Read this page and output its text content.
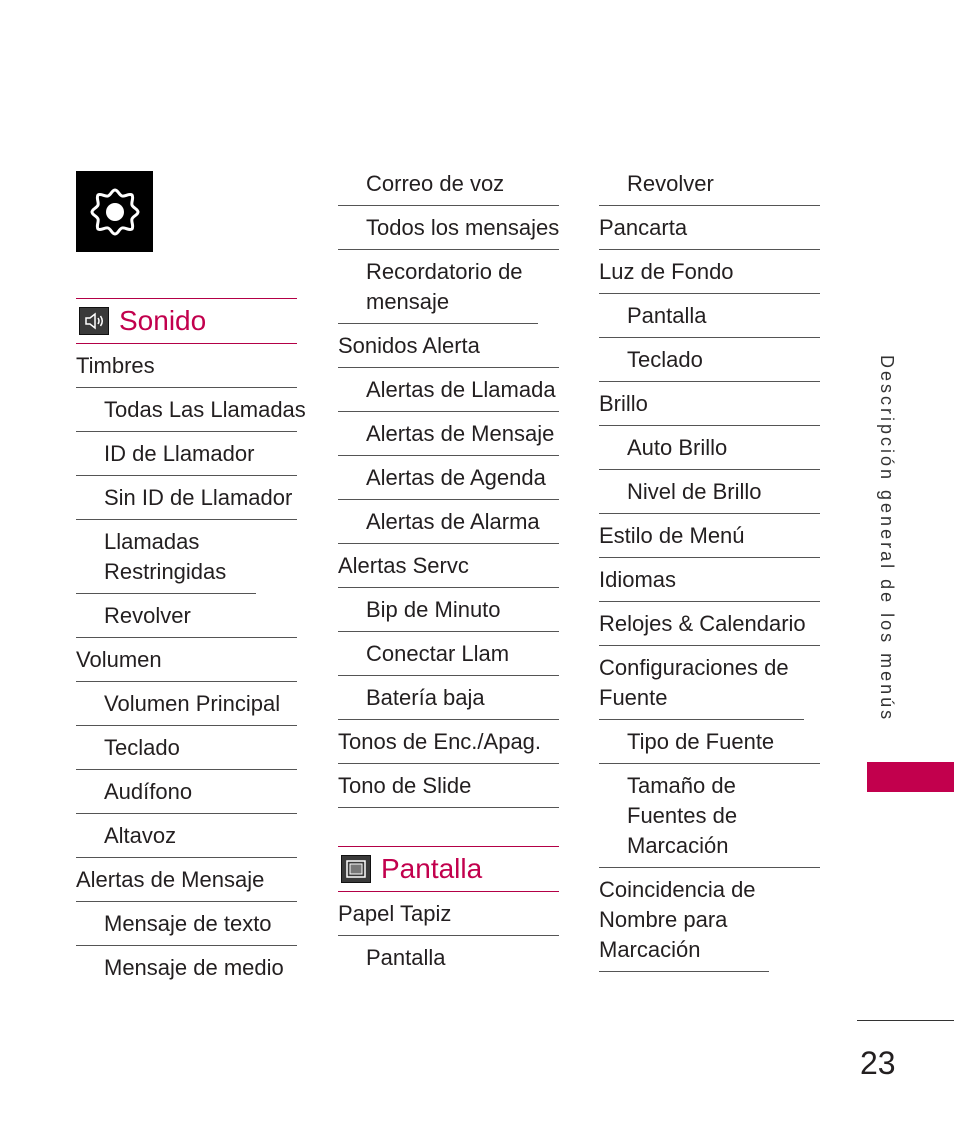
Sonido
Timbres
Todas Las Llamadas
ID de Llamador
Sin ID de Llamador
Llamadas Restringidas
Revolver
Volumen
Volumen Principal
Teclado
Audífono
Altavoz
Alertas de Mensaje
Mensaje de texto
Mensaje de medio
Correo de voz
Todos los mensajes
Recordatorio de mensaje
Sonidos Alerta
Alertas de Llamada
Alertas de Mensaje
Alertas de Agenda
Alertas de Alarma
Alertas Servc
Bip de Minuto
Conectar Llam
Batería baja
Tonos de Enc./Apag.
Tono de Slide
Pantalla
Papel Tapiz
Pantalla
Revolver
Pancarta
Luz de Fondo
Pantalla
Teclado
Brillo
Auto Brillo
Nivel de Brillo
Estilo de Menú
Idiomas
Relojes & Calendario
Configuraciones de Fuente
Tipo de Fuente
Tamaño de Fuentes de Marcación
Coincidencia de Nombre para Marcación
Descripción general de los menús
23
